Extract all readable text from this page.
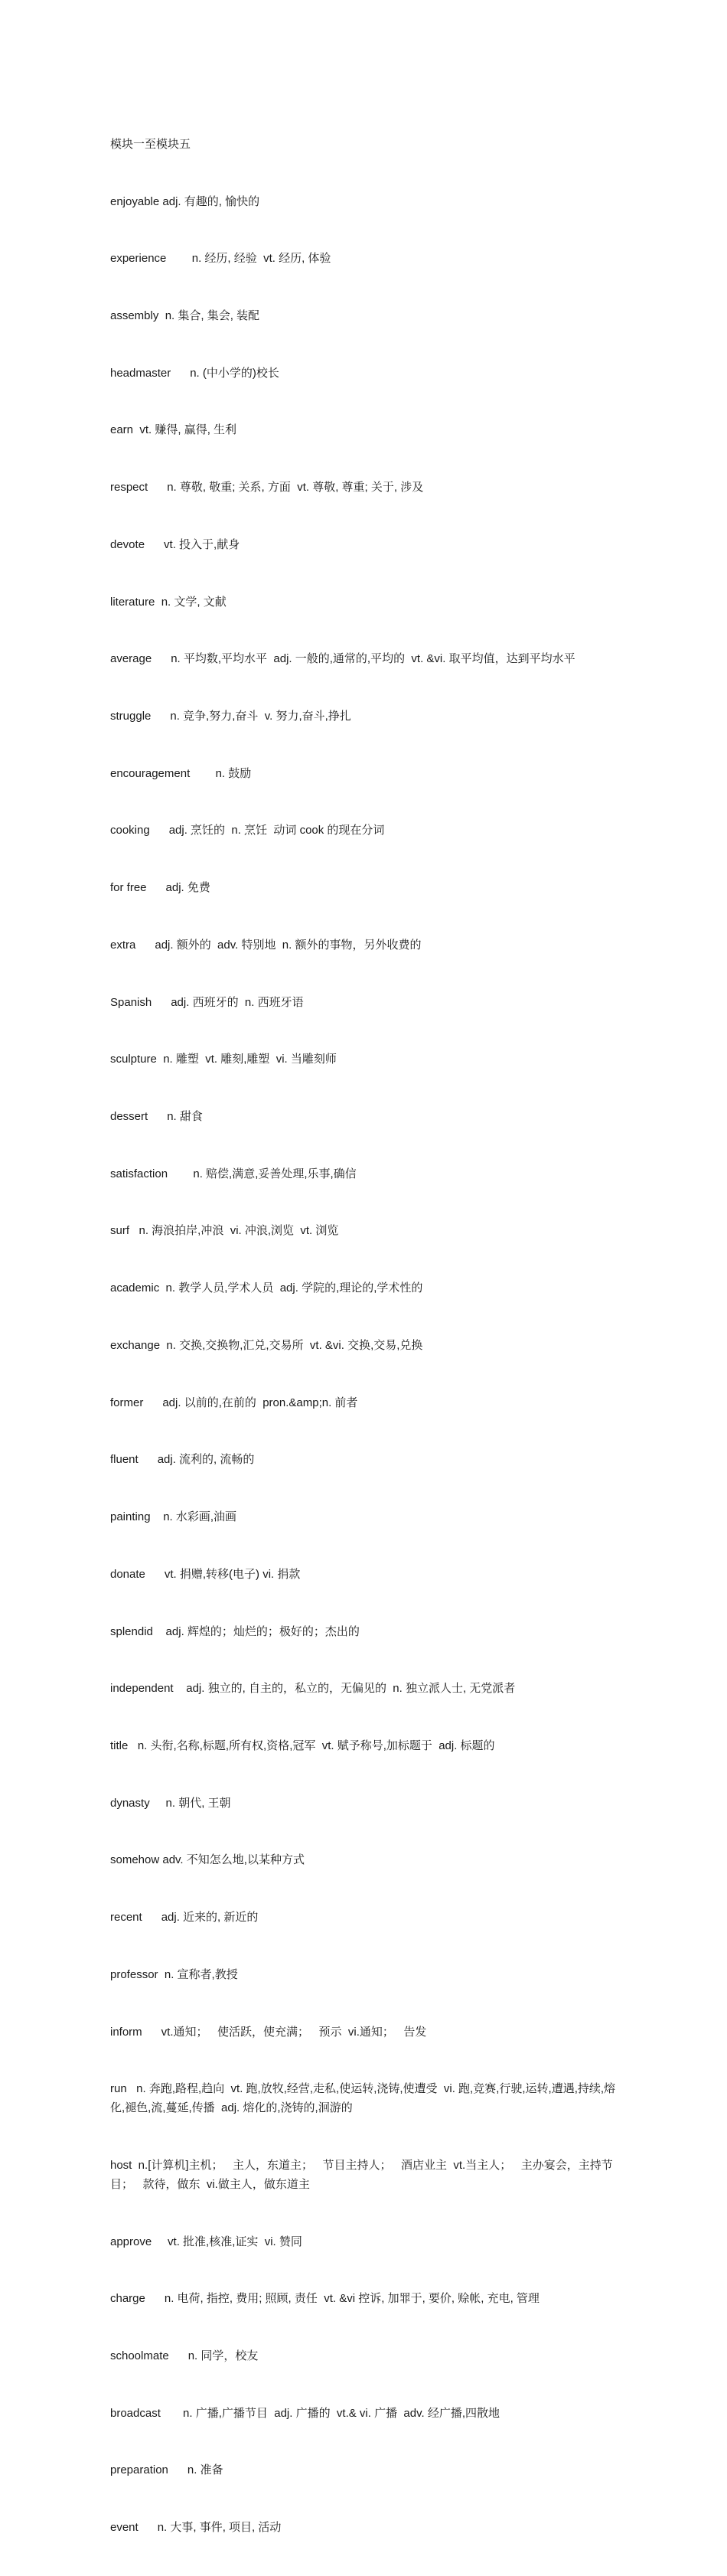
模块一至模块五

enjoyable adj. 有趣的, 愉快的

experience        n. 经历, 经验  vt. 经历, 体验

assembly  n. 集合, 集会, 装配

headmaster      n. (中小学的)校长

earn  vt. 赚得, 赢得, 生利

respect      n. 尊敬, 敬重; 关系, 方面  vt. 尊敬, 尊重; 关于, 涉及

devote      vt. 投入于,献身

literature  n. 文学, 文献

average      n. 平均数,平均水平  adj. 一般的,通常的,平均的  vt. &vi. 取平均值，达到平均水平

struggle      n. 竞争,努力,奋斗  v. 努力,奋斗,挣扎

encouragement        n. 鼓励

cooking      adj. 烹饪的  n. 烹饪  动词 cook 的现在分词

for free      adj. 免费

extra      adj. 额外的  adv. 特别地  n. 额外的事物，另外收费的

Spanish      adj. 西班牙的  n. 西班牙语

sculpture  n. 雕塑  vt. 雕刻,雕塑  vi. 当雕刻师

dessert      n. 甜食

satisfaction        n. 赔偿,满意,妥善处理,乐事,确信

surf   n. 海浪拍岸,冲浪  vi. 冲浪,浏览  vt. 浏览

academic  n. 教学人员,学术人员  adj. 学院的,理论的,学术性的

exchange  n. 交换,交换物,汇兑,交易所  vt. &vi. 交换,交易,兑换

former      adj. 以前的,在前的  pron.&amp;n. 前者

fluent      adj. 流利的, 流畅的

painting    n. 水彩画,油画

donate      vt. 捐赠,转移(电子) vi. 捐款

splendid    adj. 辉煌的；灿烂的；极好的；杰出的

independent    adj. 独立的, 自主的，私立的，无偏见的  n. 独立派人士, 无党派者

title   n. 头衔,名称,标题,所有权,资格,冠军  vt. 赋予称号,加标题于  adj. 标题的

dynasty     n. 朝代, 王朝

somehow adv. 不知怎么地,以某种方式

recent      adj. 近来的, 新近的

professor  n. 宣称者,教授

inform      vt.通知；   使活跃，使充满；   预示  vi.通知；   告发

run   n. 奔跑,路程,趋向  vt. 跑,放牧,经营,走私,使运转,浇铸,使遭受  vi. 跑,竞赛,行驶,运转,遭遇,持续,熔化,褪色,流,蔓延,传播  adj. 熔化的,浇铸的,洄游的

host  n.[计算机]主机；   主人，东道主；   节目主持人；   酒店业主  vt.当主人；   主办宴会，主持节目；   款待，做东  vi.做主人，做东道主

approve     vt. 批准,核准,证实  vi. 赞同

charge      n. 电荷, 指控, 费用; 照顾, 责任  vt. &vi 控诉, 加罪于, 要价, 赊帐, 充电, 管理

schoolmate      n. 同学，校友

broadcast       n. 广播,广播节目  adj. 广播的  vt.& vi. 广播  adv. 经广播,四散地

preparation      n. 准备

event      n. 大事, 事件, 项目, 活动
